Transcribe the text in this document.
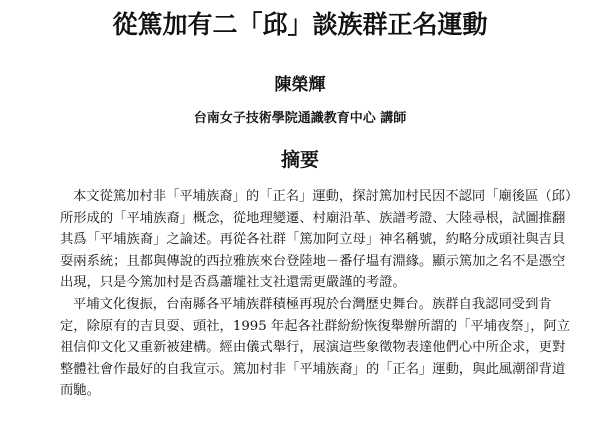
從篤加有二「邱」談族群正名運動
陳榮輝
台南女子技術學院通識教育中心 講師
摘要
本文從篤加村非「平埔族裔」的「正名」運動，探討篤加村民因不認同「廟後區（邱）
所形成的「平埔族裔」概念，從地理變遷、村廟沿革、族譜考證、大陸尋根，試圖推翻
其爲「平埔族裔」之論述。再從各社群「篤加阿立母」神名稱號，約略分成頭社與吉貝
耍兩系統；且都與傳說的西拉雅族來台登陸地－番仔塭有淵緣。顯示篤加之名不是憑空
出現，只是今篤加村是否爲蕭壠社支社還需更嚴謹的考證。
平埔文化復振，台南縣各平埔族群積極再現於台灣歷史舞台。族群自我認同受到肯
定，除原有的吉貝耍、頭社，1995 年起各社群紛紛恢復舉辦所謂的「平埔夜祭」，阿立
祖信仰文化又重新被建構。經由儀式舉行，展演這些象徵物表達他們心中所企求，更對
整體社會作最好的自我宣示。篤加村非「平埔族裔」的「正名」運動，與此風潮卻背道
而馳。
